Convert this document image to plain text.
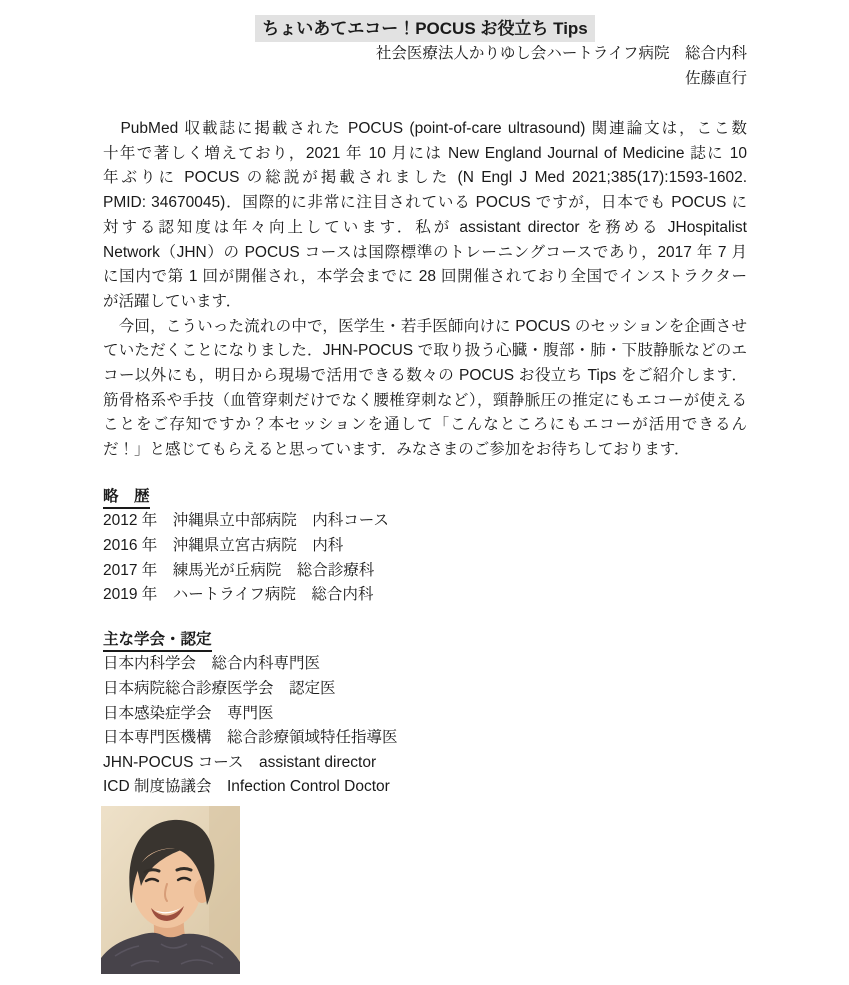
ちょいあてエコー！POCUS お役立ち Tips
社会医療法人かりゆし会ハートライフ病院　総合内科
佐藤直行
　PubMed 収載誌に掲載された POCUS (point-of-care ultrasound) 関連論文は，ここ数
十年で著しく増えており，2021 年 10 月には New England Journal of Medicine 誌に 10
年ぶりに POCUS の総説が掲載されました (N Engl J Med 2021;385(17):1593-1602.
PMID: 34670045)．国際的に非常に注目されている POCUS ですが，日本でも POCUS に
対する認知度は年々向上しています．私が assistant director を務める JHospitalist
Network（JHN）の POCUS コースは国際標準のトレーニングコースであり，2017 年 7 月
に国内で第 1 回が開催され，本学会までに 28 回開催されており全国でインストラクター
が活躍しています．
　今回，こういった流れの中で，医学生・若手医師向けに POCUS のセッションを企画させ
ていただくことになりました．JHN-POCUS で取り扱う心臓・腹部・肺・下肢静脈などのエ
コー以外にも，明日から現場で活用できる数々の POCUS お役立ち Tips をご紹介します．
筋骨格系や手技（血管穿刺だけでなく腰椎穿刺など），頸静脈圧の推定にもエコーが使える
ことをご存知ですか？本セッションを通して「こんなところにもエコーが活用できるん
だ！」と感じてもらえると思っています．みなさまのご参加をお待ちしております．
略　歴
2012 年　沖縄県立中部病院　内科コース
2016 年　沖縄県立宮古病院　内科
2017 年　練馬光が丘病院　総合診療科
2019 年　ハートライフ病院　総合内科
主な学会・認定
日本内科学会　総合内科専門医
日本病院総合診療医学会　認定医
日本感染症学会　専門医
日本専門医機構　総合診療領域特任指導医
JHN-POCUS コース　assistant director
ICD 制度協議会　Infection Control Doctor
